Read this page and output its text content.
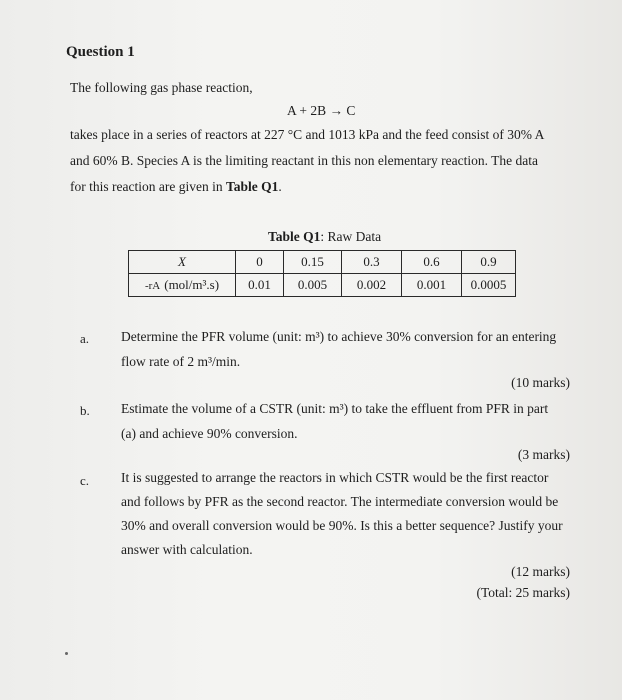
Question 1
The following gas phase reaction,
A + 2B → C
takes place in a series of reactors at 227 °C and 1013 kPa and the feed consist of 30% A
and 60% B. Species A is the limiting reactant in this non elementary reaction. The data
for this reaction are given in Table Q1.
Table Q1: Raw Data
X	0	0.15	0.3	0.6	0.9
-rA (mol/m³.s)	0.01	0.005	0.002	0.001	0.0005
a. Determine the PFR volume (unit: m³) to achieve 30% conversion for an entering
flow rate of 2 m³/min.
(10 marks)
b. Estimate the volume of a CSTR (unit: m³) to take the effluent from PFR in part
(a) and achieve 90% conversion.
(3 marks)
c. It is suggested to arrange the reactors in which CSTR would be the first reactor
and follows by PFR as the second reactor. The intermediate conversion would be
30% and overall conversion would be 90%. Is this a better sequence? Justify your
answer with calculation.
(12 marks)
(Total: 25 marks)
